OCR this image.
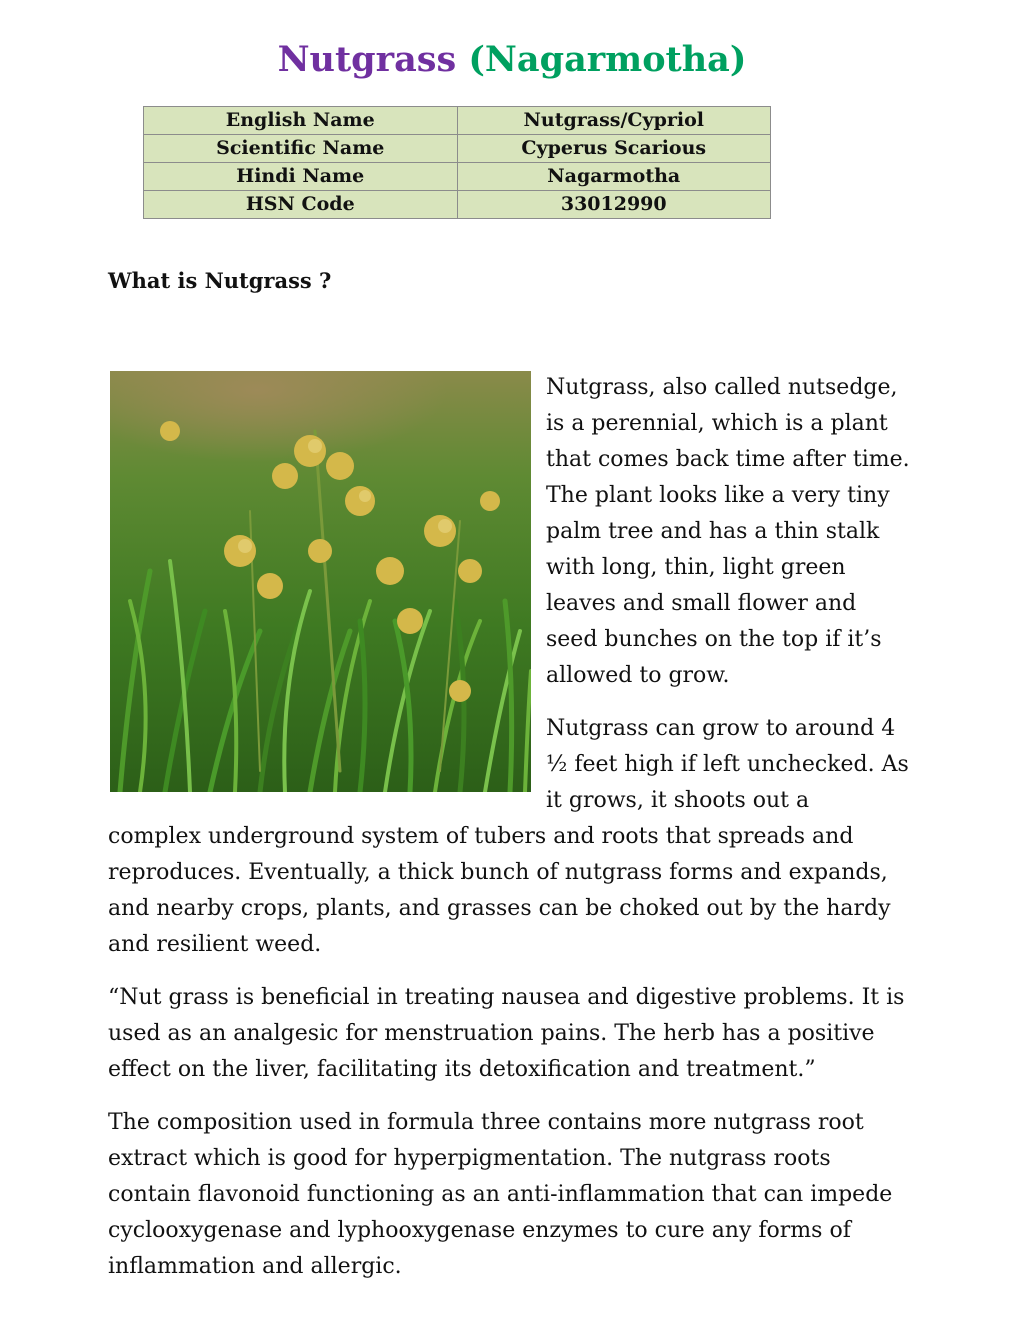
Nutgrass (Nagarmotha)
English Name	Nutgrass/Cypriol
Scientific Name	Cyperus Scarious
Hindi Name	Nagarmotha
HSN Code	33012990
What is Nutgrass ?
Nutgrass, also called nutsedge,
is a perennial, which is a plant
that comes back time after time.
The plant looks like a very tiny
palm tree and has a thin stalk
with long, thin, light green
leaves and small flower and
seed bunches on the top if it’s
allowed to grow.
Nutgrass can grow to around 4
½ feet high if left unchecked. As
it grows, it shoots out a
complex underground system of tubers and roots that spreads and
reproduces. Eventually, a thick bunch of nutgrass forms and expands,
and nearby crops, plants, and grasses can be choked out by the hardy
and resilient weed.
“Nut grass is beneficial in treating nausea and digestive problems. It is
used as an analgesic for menstruation pains. The herb has a positive
effect on the liver, facilitating its detoxification and treatment.”
The composition used in formula three contains more nutgrass root
extract which is good for hyperpigmentation. The nutgrass roots
contain flavonoid functioning as an anti-inflammation that can impede
cyclooxygenase and lyphooxygenase enzymes to cure any forms of
inflammation and allergic.
